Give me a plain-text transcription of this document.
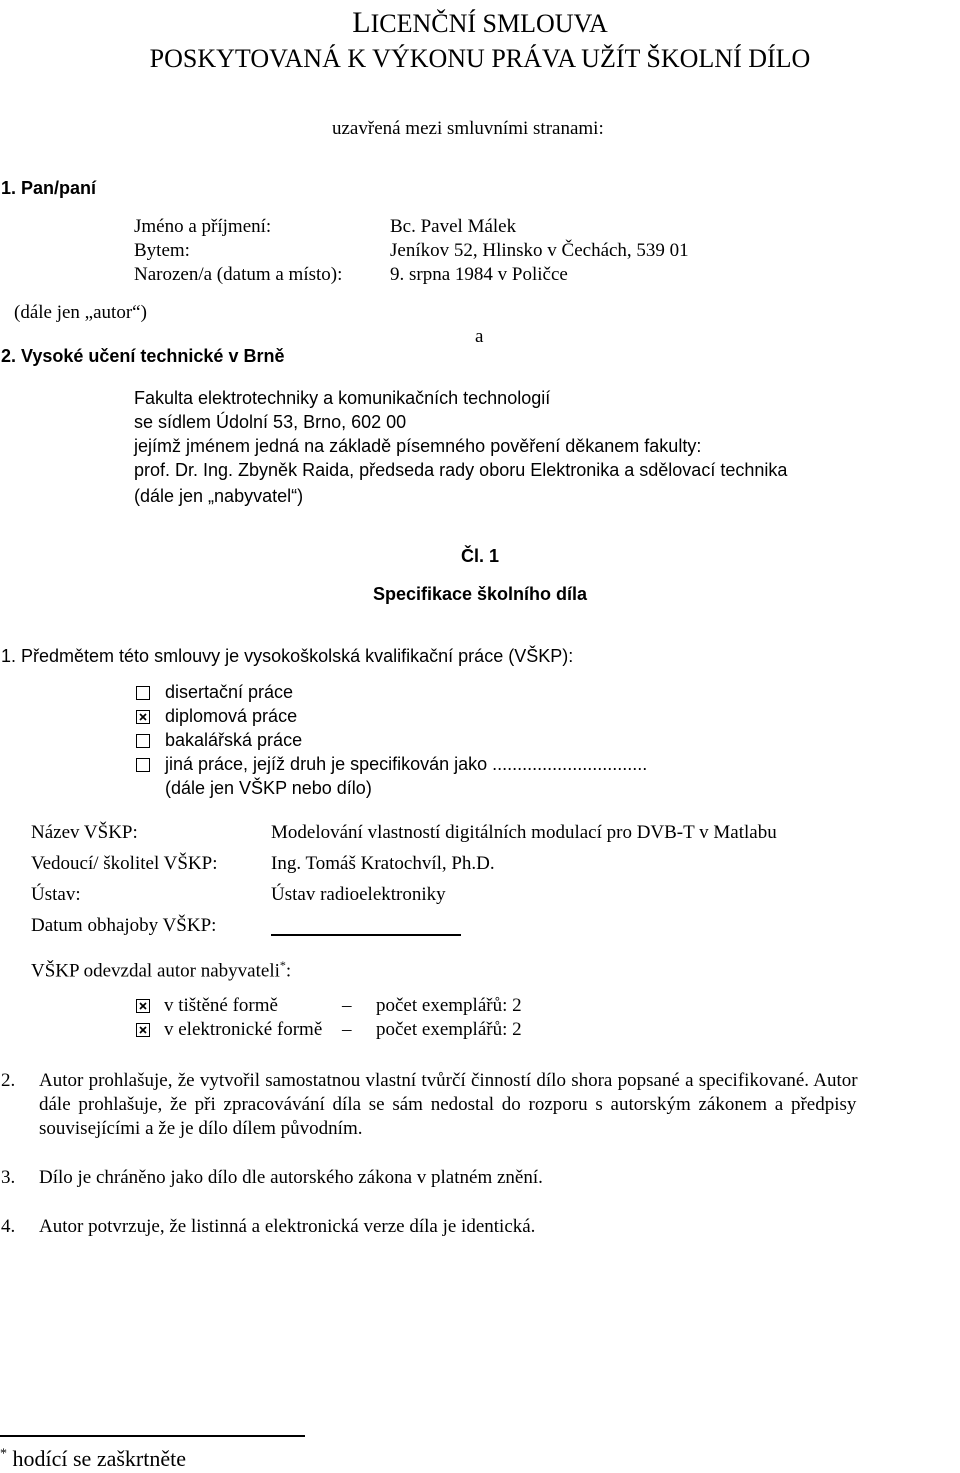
LICENČNÍ SMLOUVA
POSKYTOVANÁ K VÝKONU PRÁVA UŽÍT ŠKOLNÍ DÍLO
uzavřená mezi smluvními stranami:
1. Pan/paní
Jméno a příjmení:	Bc. Pavel Málek
Bytem:	Jeníkov 52, Hlinsko v Čechách, 539 01
Narozen/a (datum a místo):	9. srpna 1984 v Poličce
(dále jen „autor“)
a
2. Vysoké učení technické v Brně
Fakulta elektrotechniky a komunikačních technologií
se sídlem Údolní 53, Brno, 602 00
jejímž jménem jedná na základě písemného pověření děkanem fakulty:
prof. Dr. Ing. Zbyněk Raida, předseda rady oboru Elektronika a sdělovací technika
(dále jen „nabyvatel“)
Čl. 1
Specifikace školního díla
1. Předmětem této smlouvy je vysokoškolská kvalifikační práce (VŠKP):
disertační práce
diplomová práce
bakalářská práce
jiná práce, jejíž druh je specifikován jako ...............................
(dále jen VŠKP nebo dílo)
Název VŠKP:	Modelování vlastností digitálních modulací pro DVB-T v Matlabu
Vedoucí/ školitel VŠKP:	Ing. Tomáš Kratochvíl, Ph.D.
Ústav:	Ústav radioelektroniky
Datum obhajoby VŠKP:
VŠKP odevzdal autor nabyvateli*:
v tištěné formě	– počet exemplářů: 2
v elektronické formě – počet exemplářů: 2
2. Autor prohlašuje, že vytvořil samostatnou vlastní tvůrčí činností dílo shora popsané a specifikované. Autor
dále prohlašuje, že při zpracovávání díla se sám nedostal do rozporu s autorským zákonem a předpisy
souvisejícími a že je dílo dílem původním.
3. Dílo je chráněno jako dílo dle autorského zákona v platném znění.
4. Autor potvrzuje, že listinná a elektronická verze díla je identická.
* hodící se zaškrtněte
